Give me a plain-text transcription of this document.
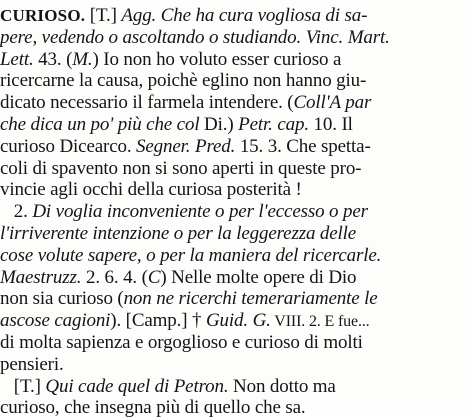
CURIOSO. [T.] Agg. Che ha cura vogliosa di sa-
pere, vedendo o ascoltando o studiando. Vinc. Mart.
Lett. 43. (M.) Io non ho voluto esser curioso a
ricercarne la causa, poichè eglino non hanno giu-
dicato necessario il farmela intendere. (Coll'A par
che dica un po' più che col Di.) Petr. cap. 10. Il
curioso Dicearco. Segner. Pred. 15. 3. Che spetta-
coli di spavento non si sono aperti in queste pro-
vincie agli occhi della curiosa posterità !
2. Di voglia inconveniente o per l'eccesso o per
l'irriverente intenzione o per la leggerezza delle
cose volute sapere, o per la maniera del ricercarle.
Maestruzz. 2. 6. 4. (C) Nelle molte opere di Dio
non sia curioso (non ne ricerchi temerariamente le
ascose cagioni). [Camp.] † Guid. G. VIII. 2. E fue...
di molta sapienza e orgoglioso e curioso di molti
pensieri.
[T.] Qui cade quel di Petron. Non dotto ma
curioso, che insegna più di quello che sa.
